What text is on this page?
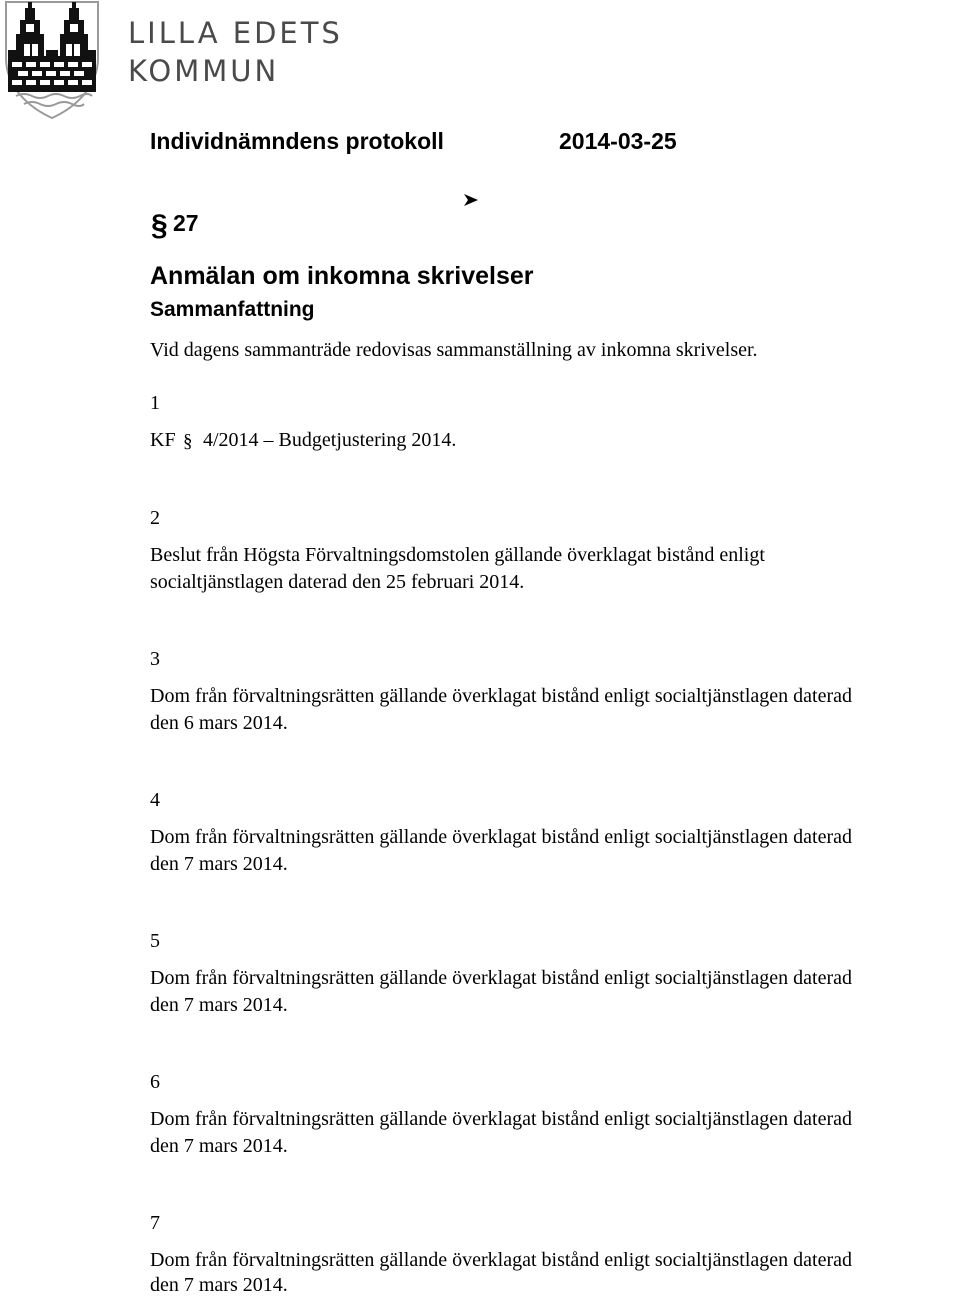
LILLA EDETS
KOMMUN
Individnämndens protokoll	2014-03-25
§ 27
Anmälan om inkomna skrivelser
Sammanfattning
Vid dagens sammanträde redovisas sammanställning av inkomna skrivelser.
1
KF § 4/2014 – Budgetjustering 2014.
2
Beslut från Högsta Förvaltningsdomstolen gällande överklagat bistånd enligt
socialtjänstlagen daterad den 25 februari 2014.
3
Dom från förvaltningsrätten gällande överklagat bistånd enligt socialtjänstlagen daterad
den 6 mars 2014.
4
Dom från förvaltningsrätten gällande överklagat bistånd enligt socialtjänstlagen daterad
den 7 mars 2014.
5
Dom från förvaltningsrätten gällande överklagat bistånd enligt socialtjänstlagen daterad
den 7 mars 2014.
6
Dom från förvaltningsrätten gällande överklagat bistånd enligt socialtjänstlagen daterad
den 7 mars 2014.
7
Dom från förvaltningsrätten gällande överklagat bistånd enligt socialtjänstlagen daterad
den 7 mars 2014.
